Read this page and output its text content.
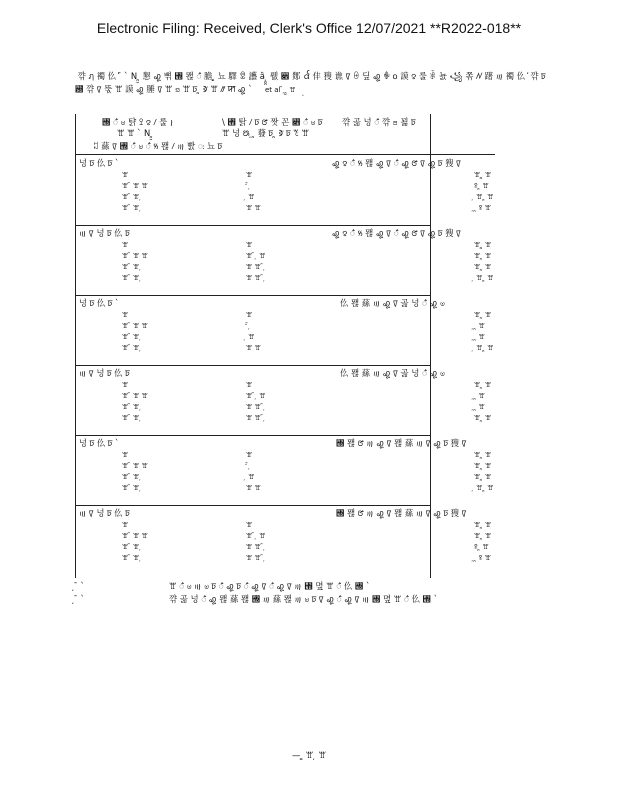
Electronic Filing: Received, Clerk's Office 12/07/2021 **R2022-018**
̦ 꺆 ฦ 襡 仫 ̕ ̄ ˋ N ̪̮ 懇 ꩗ 뼊 ꥝ 뫦 ꦀ 膽 ̦̪ 뇨 驛 ꁖ 讛 ȁ ̦̪̪ 뤬 ꫎ 䣒 ꪞ 仹 獀 谯 ꡧ ꑙ 딮 ꩗ ꅵ ꧆ 謨 ꨂ 룰 ꅕ 뇴 ꧁ 쪾 ꤾ 躇 ꩟ 襡 仫 ̕ 꺆 ꠑ
꘽ 꺆 ꡧ 뚟 ꖁ 謨 ꩗ 腄 ꡧ ꖁ ꤤ ꖁ ꠑ ̪ ꚺ ꖁ ꥀ ꠇ ꩗ ˋ	et al ̄ ̦ ̪̮ ꖁ
꥝ ꦀ ꧽ 턁 ꔌ ꨂ ꤷ 룰 ꩝
ꖁ ꖁ ˋ N ̪̮
\ ꥞ 탉 ꤷ ꠑ ꢧ 짯 꼰 ꣋ ꦀ ꧽ ꠑ
ꖁ 넝 ꢕ ̦ ̪ 蕟 ꠑ ̪ ꚺ ꠑ ꔳ ꖁ
꺆 곪 넝 ꦀ 꺆 ꤥ 꾊 ꠑ
ꅓ 蕬 ꡧ ꥝ ꦀ ꧽ ꦀ ꣕ 뫦 ꤷ ꩟ 빬 ꥒ 뇨 ꠑ
넝 ꠑ 仫 ꠑ ˋ	꩗ ꨂ ꦀ ꣕ 뫦 ꩗ ꡧ ꦀ ꩗ ꢧ ꡧ ꩗ ꠑ 獀 ꡧ
ꖁ	ꖁ	ꖁ ̪̪ ꖁ
ꖁ ̄ ꖁ ꖁ	̛ ̄ ̦	ꕉ ̪ ꖁ
ꖁ ̄ ꖁ ̦	̦ ꖁ	̦ ꖁ ̪ ꖁ
ꖁ ̄ ꖁ ̦	ꖁ ꖁ	̦ ̪ ꕉ ꖁ
꩟ ꡧ 넝 ꠑ 仫 ꠑ	꩗ ꨂ ꦀ ꣕ 뫦 ꩗ ꡧ ꦀ ꩗ ꢧ ꡧ ꩗ ꠑ 獀 ꡧ
ꖁ	ꖁ	ꖁ ̪̪ ꖁ
ꖁ ̄ ꖁ ꖁ	ꖁ ̄ ̦ ꖁ	ꖁ ̪ ꖁ
ꖁ ̄ ꖁ ̦	ꖁ ꖁ ̄ ̦	ꖁ ̪ ꖁ
ꖁ ̄ ꖁ ̦	ꖁ ꖁ ̄ ̦	̦ ꖁ ̪ ꖁ
넝 ꠑ 仫 ꠑ ˋ	仫 뫦 蕬 ꩟ ꩗ ꡧ 곪 넝 ꦀ ꩗ ꧽ
ꖁ	ꖁ	ꖁ ̪ ꖁ
ꖁ ̄ ꖁ ꖁ	̛ ̄ ̦	̦ ̪ ꖁ
ꖁ ̄ ꖁ ̦	̦ ꖁ	̦ ̪ ꖁ
ꖁ ̄ ꖁ ̦	ꖁ ꖁ	̦ ꖁ ̪ ꖁ
꩟ ꡧ 넝 ꠑ 仫 ꠑ	仫 뫦 蕬 ꩟ ꩗ ꡧ 곪 넝 ꦀ ꩗ ꧽ
ꖁ	ꖁ	ꖁ ̪ ꖁ
ꖁ ̄ ꖁ ꖁ	ꖁ ̄ ̦ ꖁ	̦ ̪ ꖁ
ꖁ ̄ ꖁ ̦	ꖁ ꖁ ̄ ̦	̦ ̪ ꖁ
ꖁ ̄ ꖁ ̦	ꖁ ꖁ ̄ ̦	ꖁ ̪ ꖁ
넝 ꠑ 仫 ꠑ ˋ	꥝ 뫦 ꢧ ꩟ ꩗ ꡧ 뫦 蕬 ꩟ ꡧ ꩗ ꠑ 獀 ꡧ
ꖁ	ꖁ	ꖁ ̪ ꖁ
ꖁ ̄ ꖁ ꖁ	̛ ̄ ̦	ꖁ ̪ ꖁ
ꖁ ̄ ꖁ ̦	̦ ꖁ	ꖁ ̪ ꖁ
ꖁ ̄ ꖁ ̦	ꖁ ꖁ	̦ ꖁ ̪ ꖁ
꩟ ꡧ 넝 ꠑ 仫 ꠑ	꥝ 뫦 ꢧ ꩟ ꩗ ꡧ 뫦 蕬 ꩟ ꡧ ꩗ ꠑ 獀 ꡧ
ꖁ	ꖁ	ꖁ ̪ ꖁ
ꖁ ̄ ꖁ ꖁ	ꖁ ̄ ̦ ꖁ	ꖁ ̪ ꖁ
ꖁ ̄ ꖁ ̦	ꖁ ꖁ ̄ ̦	ꕉ ̪ ꖁ
ꖁ ̄ ꖁ ̦	ꖁ ꖁ ̄ ̦	̦ ̪ ꕉ ꖁ
̦ ̄ ˋ	ꖁ ꦀ ꧽ ꩟ ꧽ ꠑ ꦀ ꩗ ꠑ ꦀ ꩗ ꡧ ꦀ ꩗ ꡧ ꩟ ꥝ 몊 ꖁ ꦀ 仫 ꥝ ˋ
̦ ̄ ˋ	꺆 곪 넝 ꦀ ꩗ 뫦 蕬 뫦 ꥝ ꩟ 蕬 뫦 ꩟ ꧽ ꠑ ꡧ ꩗ ꦀ ꩗ ꡧ ꩟ ꥝ 몊 ꖁ ꦀ 仫 ꥝ ˋ
— ̪̪ ꖁ ̦ ꖁ
